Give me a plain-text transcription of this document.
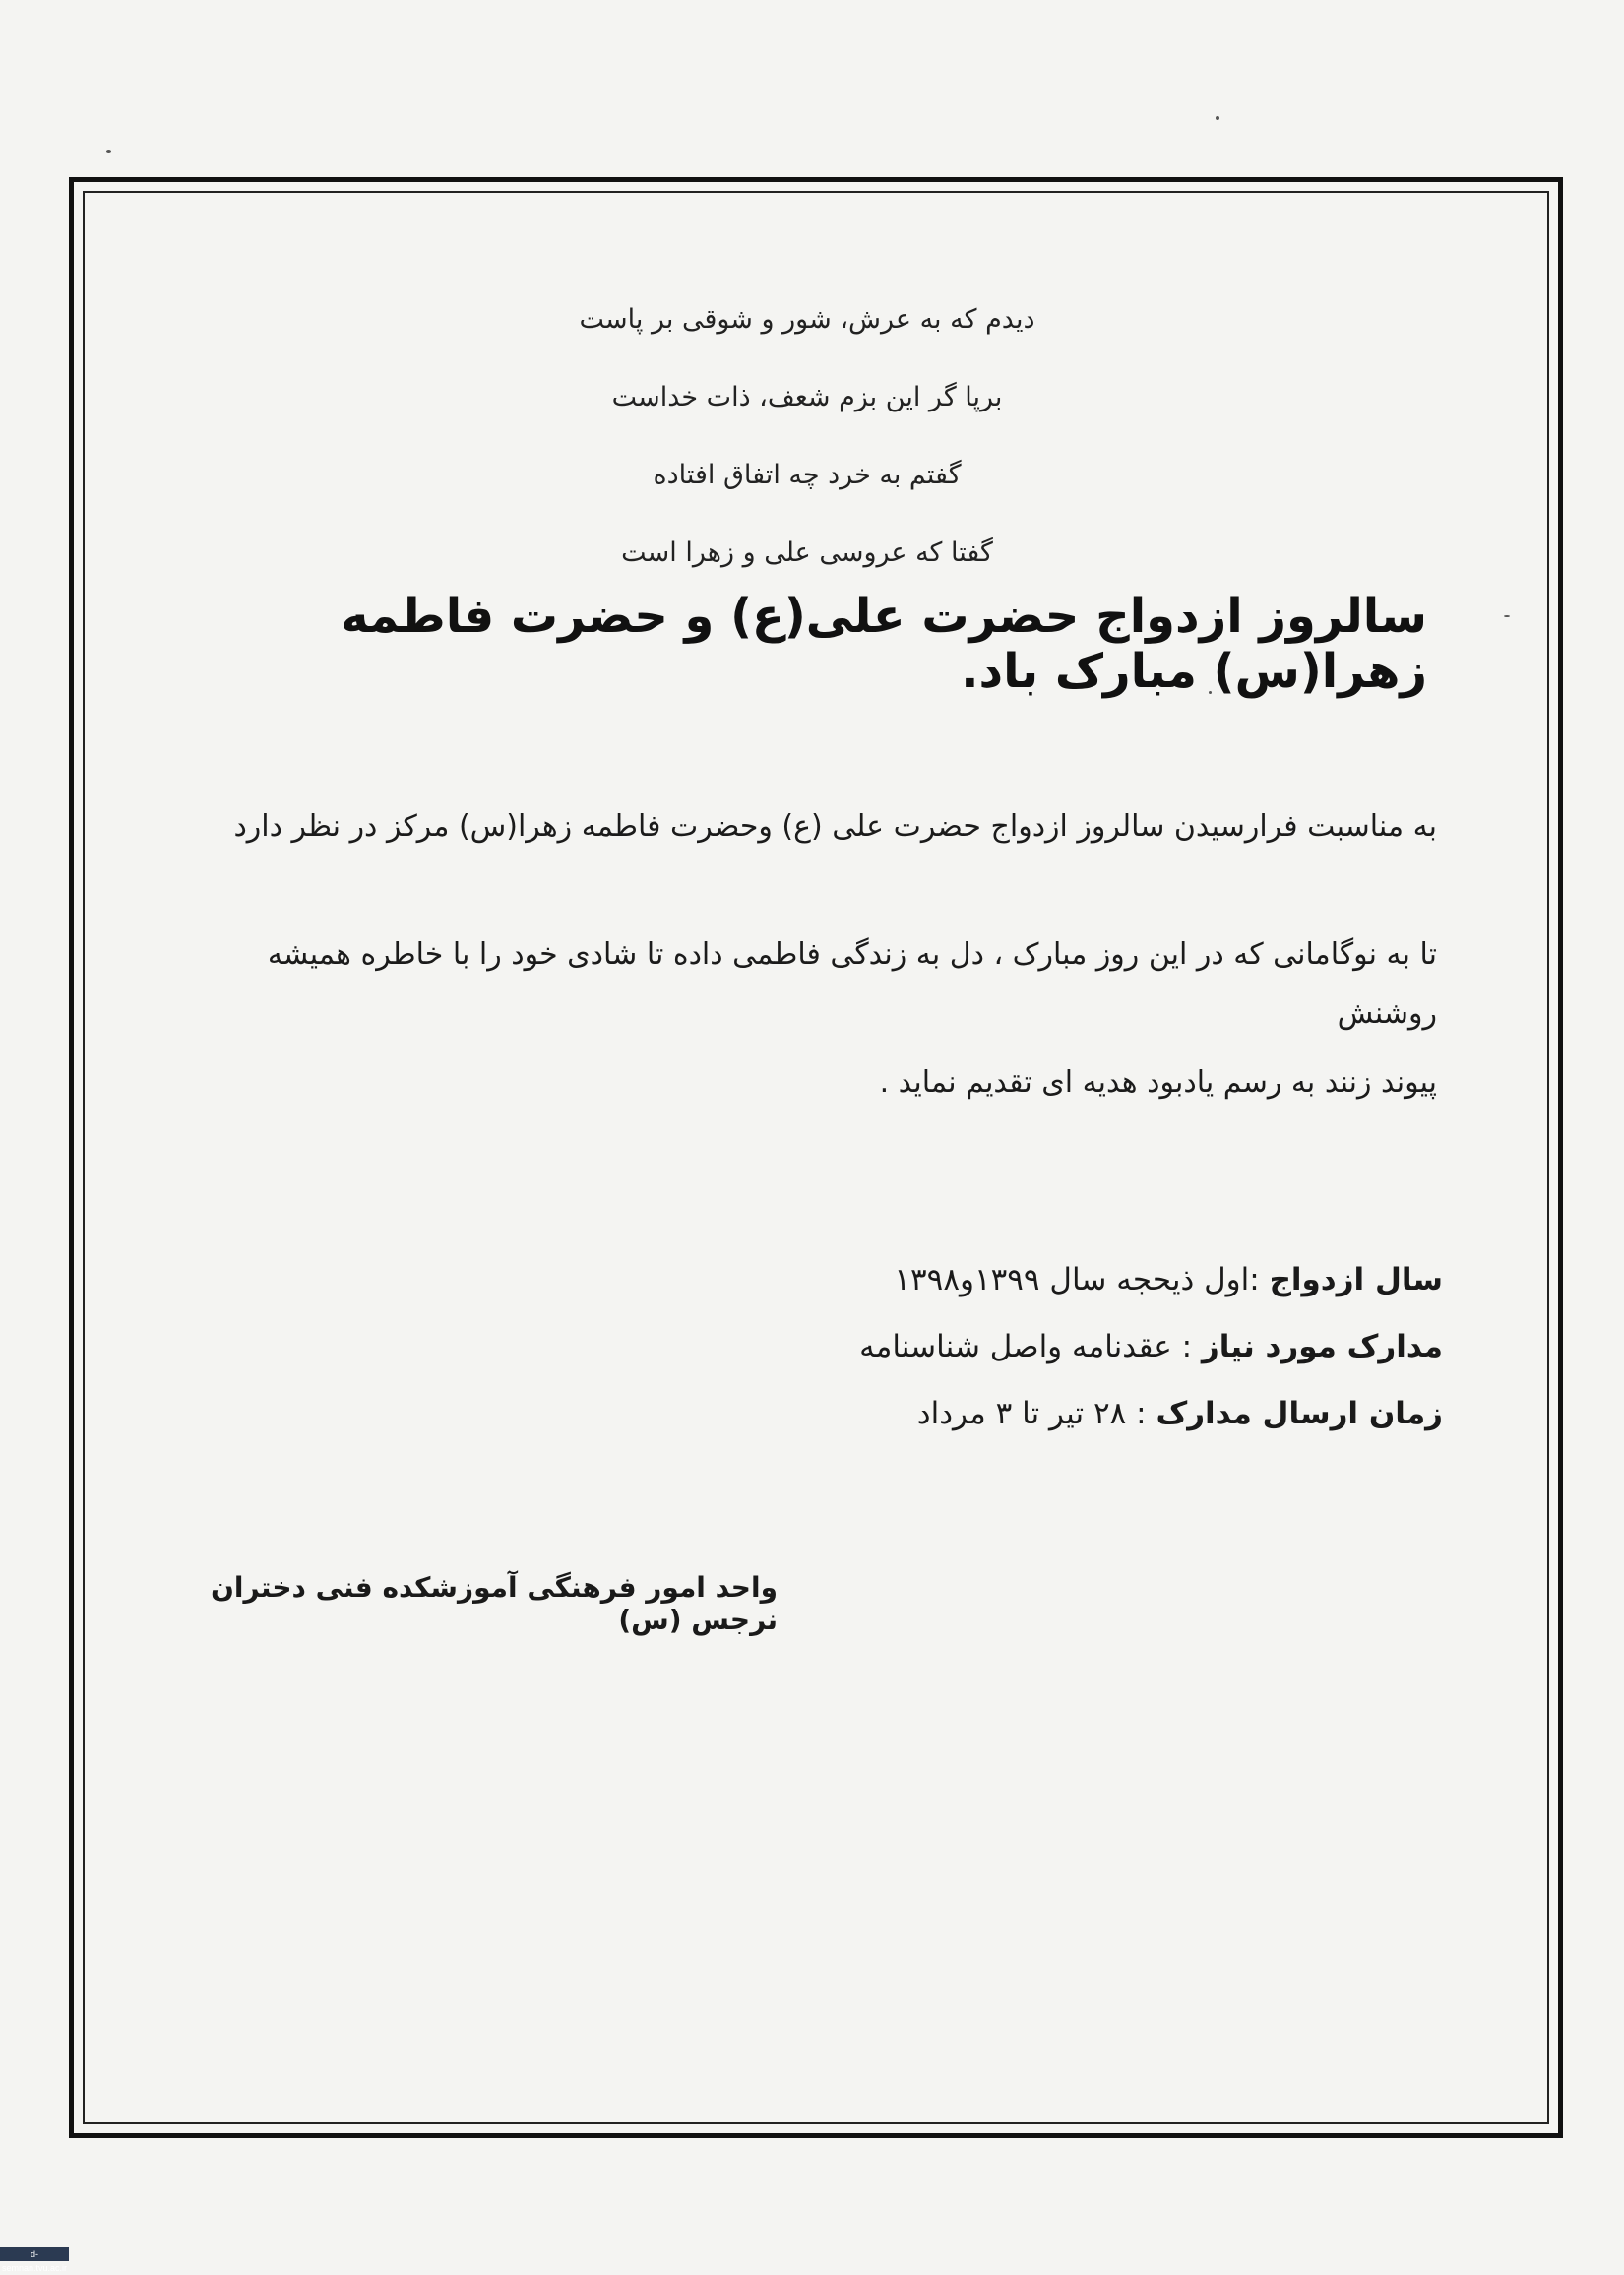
دیدم که به عرش، شور و شوقی بر پاست
برپا گر این بزم شعف، ذات خداست
گفتم به خرد چه اتفاق افتاده
گفتا که عروسی علی و زهرا است
سالروز ازدواج حضرت علی(ع) و حضرت فاطمه زهرا(س) مبارک باد.
به مناسبت فرارسیدن سالروز ازدواج حضرت علی (ع) وحضرت فاطمه زهرا(س) مرکز در نظر دارد
تا به نوگامانی که در این روز مبارک ، دل به زندگی فاطمی داده تا شادی خود را با خاطره همیشه روشنش
پیوند زنند به رسم یادبود هدیه ای تقدیم نماید .
سال ازدواج :اول ذیحجه سال ۱۳۹۹و۱۳۹۸
مدارک مورد نیاز : عقدنامه واصل شناسنامه
زمان ارسال مدارک : ۲۸ تیر تا ۳ مرداد
واحد امور فرهنگی آموزشکده فنی دختران نرجس (س)
d-semnan.tvu.ac.ir
